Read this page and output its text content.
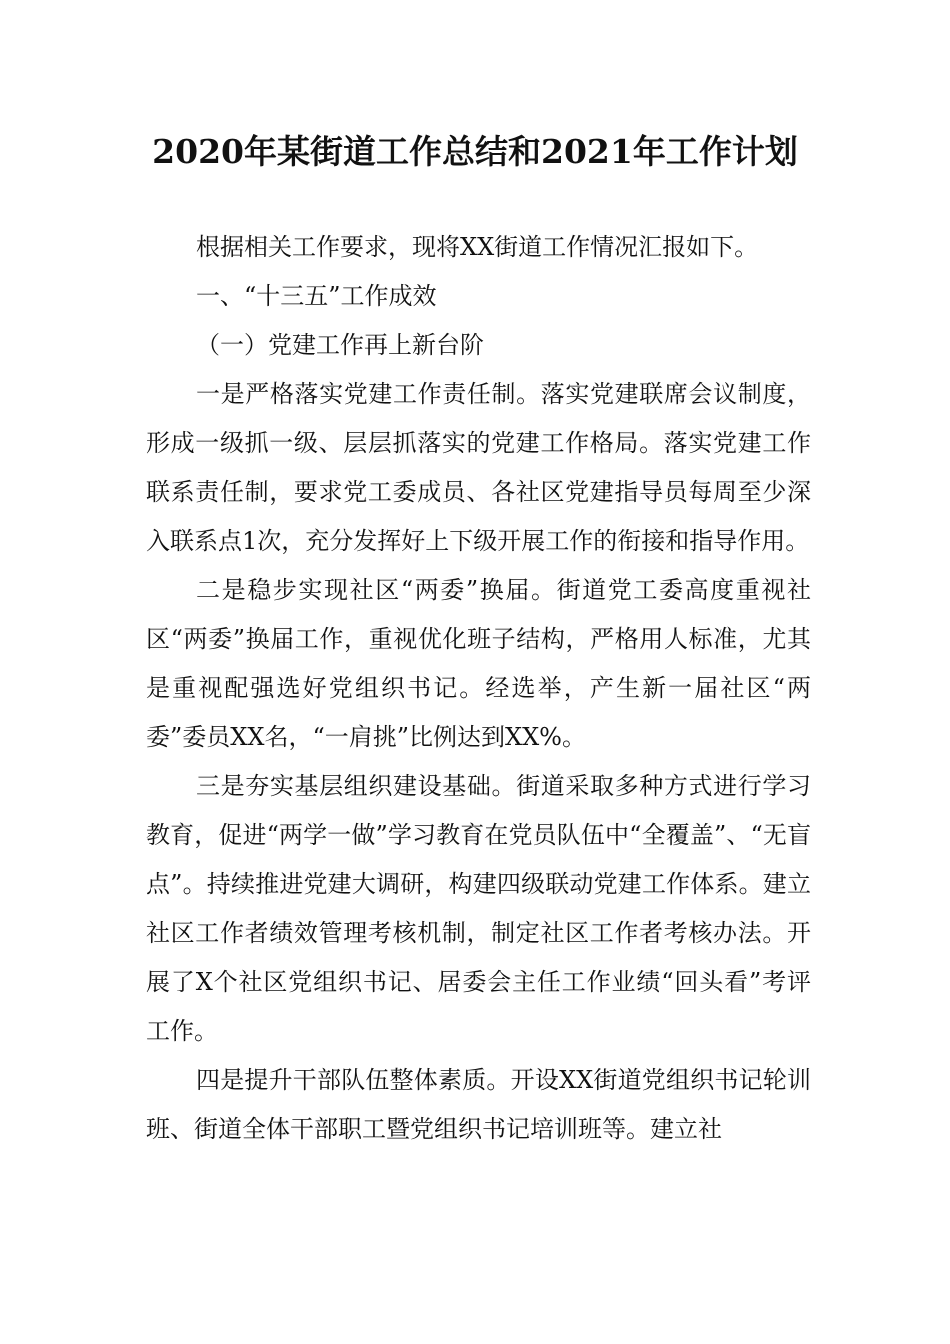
2020年某街道工作总结和2021年工作计划

根据相关工作要求，现将XX街道工作情况汇报如下。

一、“十三五”工作成效

（一）党建工作再上新台阶

一是严格落实党建工作责任制。落实党建联席会议制度，形成一级抓一级、层层抓落实的党建工作格局。落实党建工作联系责任制，要求党工委成员、各社区党建指导员每周至少深入联系点1次，充分发挥好上下级开展工作的衔接和指导作用。

二是稳步实现社区“两委”换届。街道党工委高度重视社区“两委”换届工作，重视优化班子结构，严格用人标准，尤其是重视配强选好党组织书记。经选举，产生新一届社区“两委”委员XX名，“一肩挑”比例达到XX%。

三是夯实基层组织建设基础。街道采取多种方式进行学习教育，促进“两学一做”学习教育在党员队伍中“全覆盖”、“无盲点”。持续推进党建大调研，构建四级联动党建工作体系。建立社区工作者绩效管理考核机制，制定社区工作者考核办法。开展了X个社区党组织书记、居委会主任工作业绩“回头看”考评工作。

四是提升干部队伍整体素质。开设XX街道党组织书记轮训班、街道全体干部职工暨党组织书记培训班等。建立社
